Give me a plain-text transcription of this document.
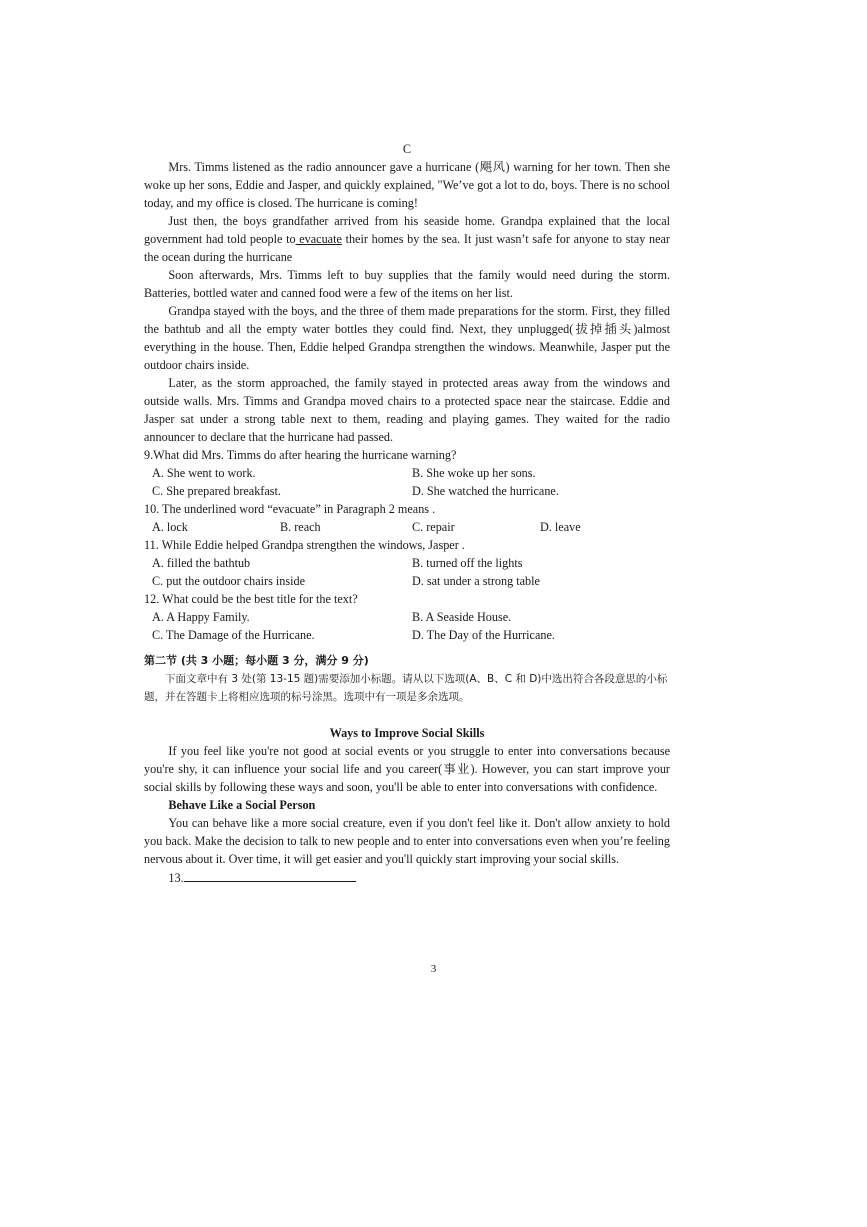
C

Mrs. Timms listened as the radio announcer gave a hurricane (飓风) warning for her town. Then she woke up her sons, Eddie and Jasper, and quickly explained, "We’ve got a lot to do, boys. There is no school today, and my office is closed. The hurricane is coming!

Just then, the boys grandfather arrived from his seaside home. Grandpa explained that the local government had told people to evacuate their homes by the sea. It just wasn’t safe for anyone to stay near the ocean during the hurricane

Soon afterwards, Mrs. Timms left to buy supplies that the family would need during the storm. Batteries, bottled water and canned food were a few of the items on her list.

Grandpa stayed with the boys, and the three of them made preparations for the storm. First, they filled the bathtub and all the empty water bottles they could find. Next, they unplugged(拔掉插头)almost everything in the house. Then, Eddie helped Grandpa strengthen the windows. Meanwhile, Jasper put the outdoor chairs inside.

Later, as the storm approached, the family stayed in protected areas away from the windows and outside walls. Mrs. Timms and Grandpa moved chairs to a protected space near the staircase. Eddie and Jasper sat under a strong table next to them, reading and playing games. They waited for the radio announcer to declare that the hurricane had passed.

9.What did Mrs. Timms do after hearing the hurricane warning?

A. She went to work.	B. She woke up her sons.
C. She prepared breakfast.	D. She watched the hurricane.

10. The underlined word “evacuate” in Paragraph 2 means .

A. lock	B. reach	C. repair	D. leave

11. While Eddie helped Grandpa strengthen the windows, Jasper .

A. filled the bathtub	B. turned off the lights
C. put the outdoor chairs inside	D. sat under a strong table

12. What could be the best title for the text?

A. A Happy Family.	B. A Seaside House.
C. The Damage of the Hurricane.	D. The Day of the Hurricane.

第二节 (共 3 小题；每小题 3 分，满分 9 分)

下面文章中有 3 处(第 13-15 题)需要添加小标题。请从以下选项(A、B、C 和 D)中选出符合各段意思的小标题，并在答题卡上将相应选项的标号涂黑。选项中有一项是多余选项。

Ways to Improve Social Skills

If you feel like you're not good at social events or you struggle to enter into conversations because you're shy, it can influence your social life and you career(事业). However, you can start improve your social skills by following these ways and soon, you'll be able to enter into conversations with confidence.

Behave Like a Social Person

You can behave like a more social creature, even if you don't feel like it. Don't allow anxiety to hold you back. Make the decision to talk to new people and to enter into conversations even when you’re feeling nervous about it. Over time, it will get easier and you'll quickly start improving your social skills.

13.

3
